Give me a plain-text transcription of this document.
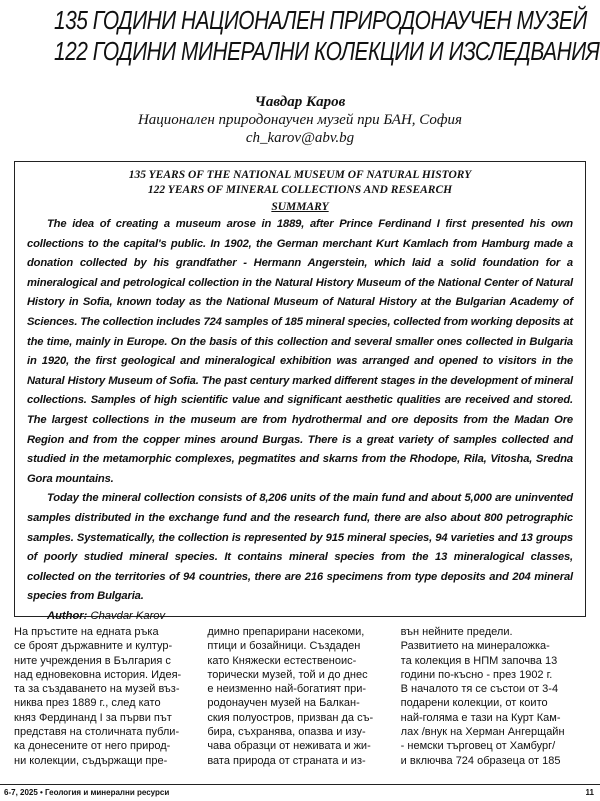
135 ГОДИНИ НАЦИОНАЛЕН ПРИРОДОНАУЧЕН МУЗЕЙ
122 ГОДИНИ МИНЕРАЛНИ КОЛЕКЦИИ И ИЗСЛЕДВАНИЯ
Чавдар Каров
Национален природонаучен музей при БАН, София
ch_karov@abv.bg
135 YEARS OF THE NATIONAL MUSEUM OF NATURAL HISTORY
122 YEARS OF MINERAL COLLECTIONS AND RESEARCH
SUMMARY

The idea of creating a museum arose in 1889, after Prince Ferdinand I first presented his own collections to the capital's public. In 1902, the German merchant Kurt Kamlach from Hamburg made a donation collected by his grandfather - Hermann Angerstein, which laid a solid foundation for a mineralogical and petrological collection in the Natural History Museum of the National Center of Natural History in Sofia, known today as the National Museum of Natural History at the Bulgarian Academy of Sciences. The collection includes 724 samples of 185 mineral species, collected from working deposits at the time, mainly in Europe. On the basis of this collection and several smaller ones collected in Bulgaria in 1920, the first geological and mineralogical exhibition was arranged and opened to visitors in the Natural History Museum of Sofia. The past century marked different stages in the development of mineral collections. Samples of high scientific value and significant aesthetic qualities are received and stored. The largest collections in the museum are from hydrothermal and ore deposits from the Madan Ore Region and from the copper mines around Burgas. There is a great variety of samples collected and studied in the metamorphic complexes, pegmatites and skarns from the Rhodope, Rila, Vitosha, Sredna Gora mountains.

Today the mineral collection consists of 8,206 units of the main fund and about 5,000 are uninvented samples distributed in the exchange fund and the research fund, there are also about 800 petrographic samples. Systematically, the collection is represented by 915 mineral species, 94 varieties and 13 groups of poorly studied mineral species. It contains mineral species from the 13 mineralogical classes, collected on the territories of 94 countries, there are 216 specimens from type deposits and 204 mineral species from Bulgaria.

Author: Chavdar Karov
На пръстите на едната ръка
се броят държавните и култур-
ните учреждения в България с
над едновековна история. Идея-
та за създаването на музей въз-
никва през 1889 г., след като
княз Фердинанд I за първи път
представя на столичната публи-
ка донесените от него природ-
ни колекции, съдържащи пре-
димно препарирани насекоми,
птици и бозайници. Създаден
като Княжески естественоис-
торически музей, той и до днес
е неизменно най-богатият при-
родонаучен музей на Балкан-
ския полуостров, призван да съ-
бира, съхранява, опазва и изу-
чава образци от неживата и жи-
вата природа от страната и из-
вън нейните предели.
Развитието на минераложка-
та колекция в НПМ започва 13
години по-късно - през 1902 г.
В началото тя се състои от 3-4
подарени колекции, от които
най-голяма е тази на Курт Кам-
лах /внук на Херман Ангерщайн
- немски търговец от Хамбург/
и включва 724 образеца от 185
6-7, 2025 • Геология и минерални ресурси	11
